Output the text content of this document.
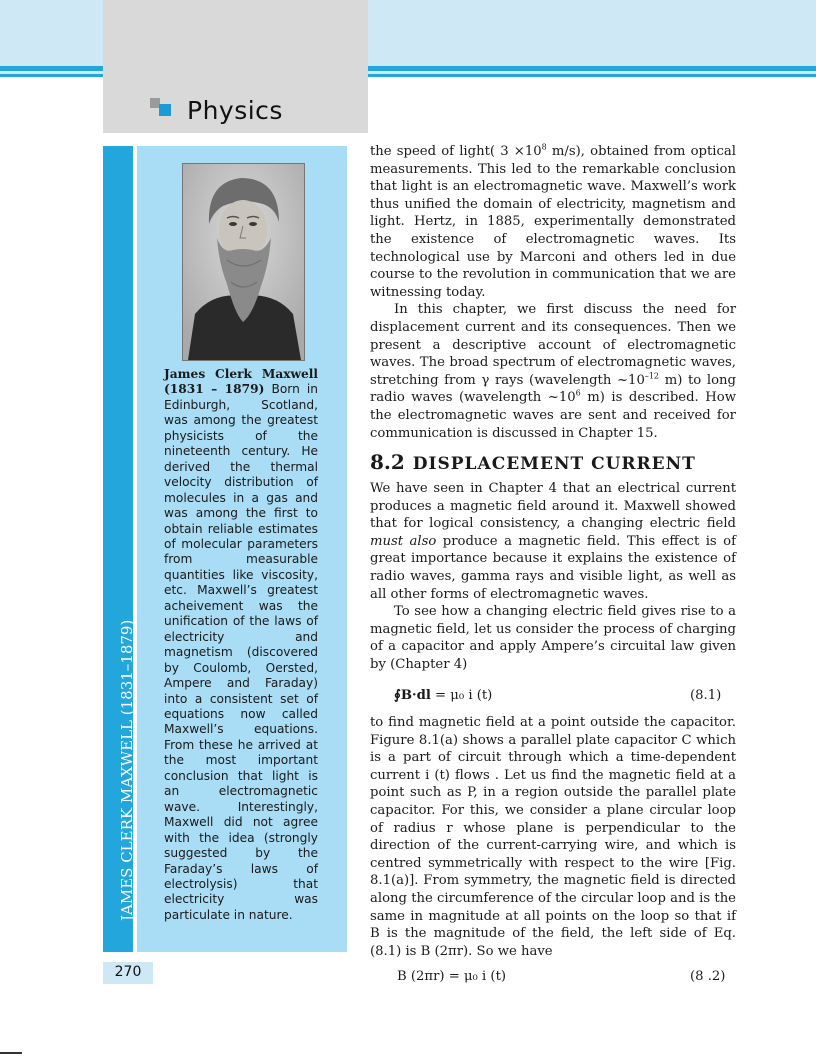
Physics
JAMES CLERK MAXWELL (1831–1879)
James Clerk Maxwell (1831 – 1879) Born in Edinburgh, Scotland, was among the greatest physicists of the nineteenth century. He derived the thermal velocity distribution of molecules in a gas and was among the first to obtain reliable estimates of molecular parameters from measurable quantities like viscosity, etc. Maxwell’s greatest acheivement was the unification of the laws of electricity and magnetism (discovered by Coulomb, Oersted, Ampere and Faraday) into a consistent set of equations now called Maxwell’s equations. From these he arrived at the most important conclusion that light is an electromagnetic wave. Interestingly, Maxwell did not agree with the idea (strongly suggested by the Faraday’s laws of electrolysis) that electricity was particulate in nature.
270

the speed of light( $3 \times 10^8$ m/s), obtained from optical measurements. This led to the remarkable conclusion that light is an electromagnetic wave. Maxwell’s work thus unified the domain of electricity, magnetism and light. Hertz, in 1885, experimentally demonstrated the existence of electromagnetic waves. Its technological use by Marconi and others led in due course to the revolution in communication that we are witnessing today.

In this chapter, we first discuss the need for displacement current and its consequences. Then we present a descriptive account of electromagnetic waves. The broad spectrum of electromagnetic waves, stretching from γ rays (wavelength $\sim 10^{-12}$ m) to long radio waves (wavelength $\sim 10^6$ m) is described. How the electromagnetic waves are sent and received for communication is discussed in Chapter 15.

8.2 DISPLACEMENT CURRENT

We have seen in Chapter 4 that an electrical current produces a magnetic field around it. Maxwell showed that for logical consistency, a changing electric field must also produce a magnetic field. This effect is of great importance because it explains the existence of radio waves, gamma rays and visible light, as well as all other forms of electromagnetic waves.

To see how a changing electric field gives rise to a magnetic field, let us consider the process of charging of a capacitor and apply Ampere’s circuital law given by (Chapter 4)

∮B·dl = μ₀ i (t)	(8.1)

to find magnetic field at a point outside the capacitor. Figure 8.1(a) shows a parallel plate capacitor C which is a part of circuit through which a time-dependent current i (t) flows . Let us find the magnetic field at a point such as P, in a region outside the parallel plate capacitor. For this, we consider a plane circular loop of radius r whose plane is perpendicular to the direction of the current-carrying wire, and which is centred symmetrically with respect to the wire [Fig. 8.1(a)]. From symmetry, the magnetic field is directed along the circumference of the circular loop and is the same in magnitude at all points on the loop so that if B is the magnitude of the field, the left side of Eq. (8.1) is B (2πr). So we have

B (2πr) = μ₀ i (t)	(8 .2)
